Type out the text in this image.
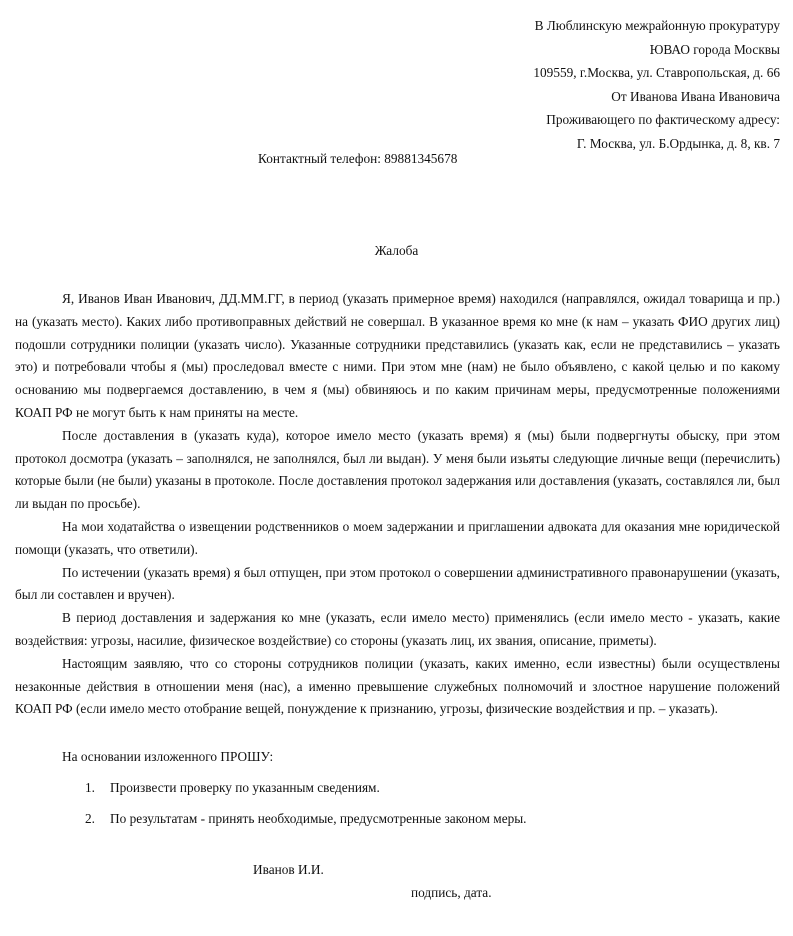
В Люблинскую межрайонную прокуратуру
ЮВАО города Москвы
109559, г.Москва, ул. Ставропольская, д. 66
От Иванова Ивана Ивановича
Проживающего по фактическому адресу:
Г. Москва, ул. Б.Ордынка, д. 8, кв. 7
Контактный телефон: 89881345678
Жалоба

Я, Иванов Иван Иванович, ДД.ММ.ГГ, в период (указать примерное время) находился (направлялся, ожидал товарища и пр.) на (указать место). Каких либо противоправных действий не совершал. В указанное время ко мне (к нам – указать ФИО других лиц) подошли сотрудники полиции (указать число). Указанные сотрудники представились (указать как, если не представились – указать это) и потребовали чтобы я (мы) проследовал вместе с ними. При этом мне (нам) не было объявлено, с какой целью и по какому основанию мы подвергаемся доставлению, в чем я (мы) обвиняюсь и по каким причинам меры, предусмотренные положениями КОАП РФ не могут быть к нам приняты на месте.

После доставления в (указать куда), которое имело место (указать время) я (мы) были подвергнуты обыску, при этом протокол досмотра (указать – заполнялся, не заполнялся, был ли выдан). У меня были изьяты следующие личные вещи (перечислить) которые были (не были) указаны в протоколе. После доставления протокол задержания или доставления (указать, составлялся ли, был ли выдан по просьбе).

На мои ходатайства о извещении родственников о моем задержании и приглашении адвоката для оказания мне юридической помощи (указать, что ответили).

По истечении (указать время) я был отпущен, при этом протокол о совершении административного правонарушении (указать, был ли составлен и вручен).

В период доставления и задержания ко мне (указать, если имело место) применялись (если имело место - указать, какие воздействия: угрозы, насилие, физическое воздействие) со стороны (указать лиц, их звания, описание, приметы).

Настоящим заявляю, что со стороны сотрудников полиции (указать, каких именно, если известны) были осуществлены незаконные действия в отношении меня (нас), а именно превышение служебных полномочий и злостное нарушение положений КОАП РФ (если имело место отобрание вещей, понуждение к признанию, угрозы, физические воздействия и пр. – указать).

На основании изложенного ПРОШУ:
1.	Произвести проверку по указанным сведениям.
2.	По результатам - принять необходимые, предусмотренные законом меры.
Иванов И.И.
подпись, дата.
